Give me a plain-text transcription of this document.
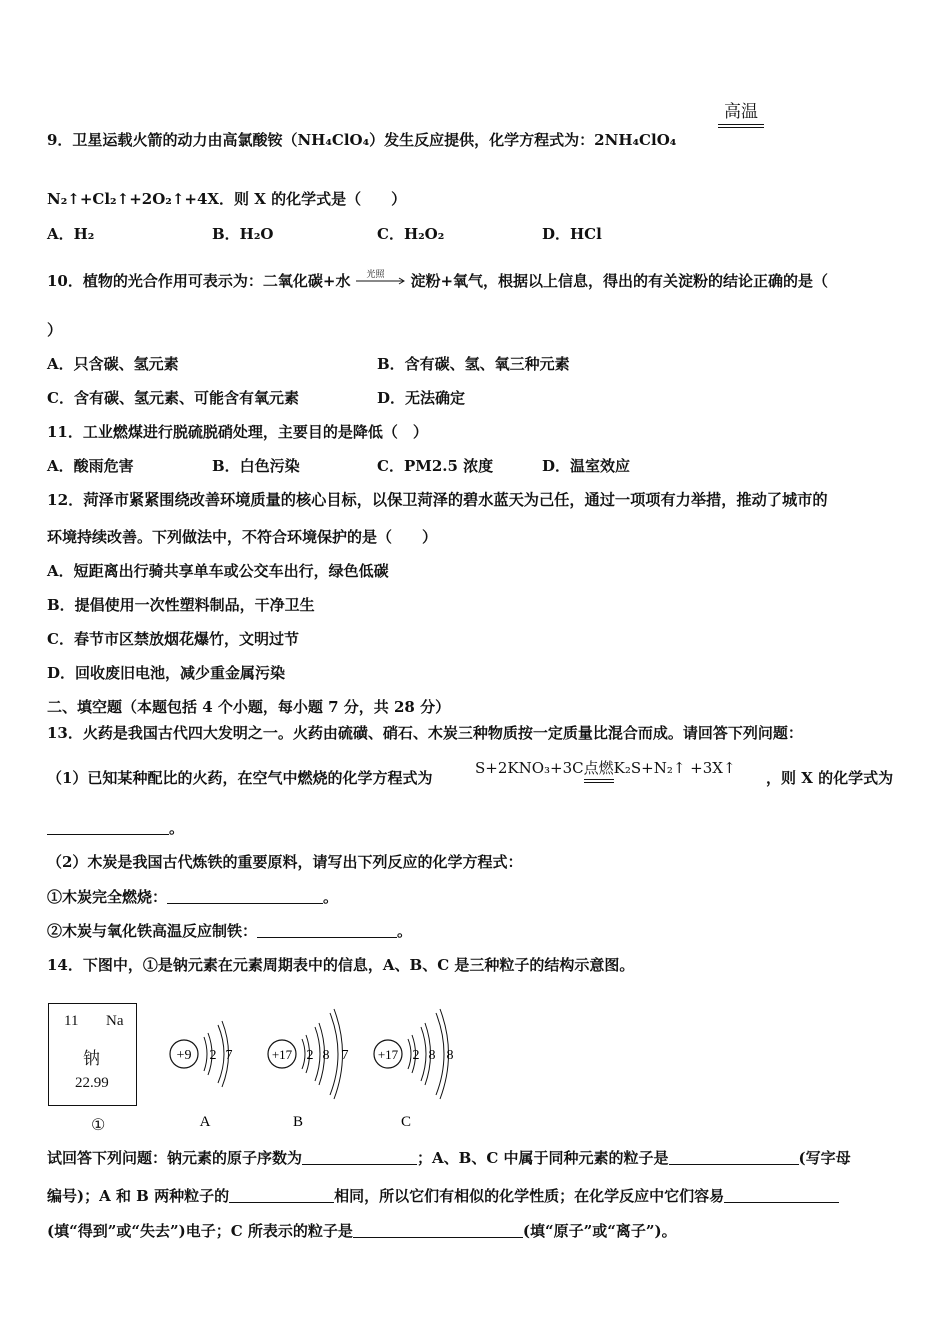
高温
9．卫星运载火箭的动力由高氯酸铵（NH₄ClO₄）发生反应提供，化学方程式为：2NH₄ClO₄
N₂↑+Cl₂↑+2O₂↑+4X．则 X 的化学式是（　　）
A．H₂	B．H₂O	C．H₂O₂	D．HCl
10．植物的光合作用可表示为：二氧化碳+水 光照 淀粉+氧气，根据以上信息，得出的有关淀粉的结论正确的是（
）
A．只含碳、氢元素	B．含有碳、氢、氧三种元素
C．含有碳、氢元素、可能含有氧元素	D．无法确定
11．工业燃煤进行脱硫脱硝处理，主要目的是降低（　）
A．酸雨危害	B．白色污染	C．PM2.5 浓度	D．温室效应
12．菏泽市紧紧围绕改善环境质量的核心目标，以保卫菏泽的碧水蓝天为己任，通过一项项有力举措，推动了城市的
环境持续改善。下列做法中，不符合环境保护的是（　　）
A．短距离出行骑共享单车或公交车出行，绿色低碳
B．提倡使用一次性塑料制品，干净卫生
C．春节市区禁放烟花爆竹，文明过节
D．回收废旧电池，减少重金属污染
二、填空题（本题包括 4 个小题，每小题 7 分，共 28 分）
13．火药是我国古代四大发明之一。火药由硫磺、硝石、木炭三种物质按一定质量比混合而成。请回答下列问题：
（1）已知某种配比的火药，在空气中燃烧的化学方程式为
S+2KNO₃+3C点燃
K₂S+N₂↑ +3X↑
，则 X 的化学式为
。
（2）木炭是我国古代炼铁的重要原料，请写出下列反应的化学方程式：
①木炭完全燃烧：	。
②木炭与氧化铁高温反应制铁：	。
14．下图中，①是钠元素在元素周期表中的信息，A、B、C 是三种粒子的结构示意图。
11 Na
钠
22.99
①
+9 2 7
A
+17 2 8 7
B
+17 2 8 8
C
试回答下列问题：钠元素的原子序数为	；A、B、C 中属于同种元素的粒子是	(写字母
编号)；A 和 B 两种粒子的	相同，所以它们有相似的化学性质；在化学反应中它们容易
(填“得到”或“失去”)电子；C 所表示的粒子是	(填“原子”或“离子”)。
